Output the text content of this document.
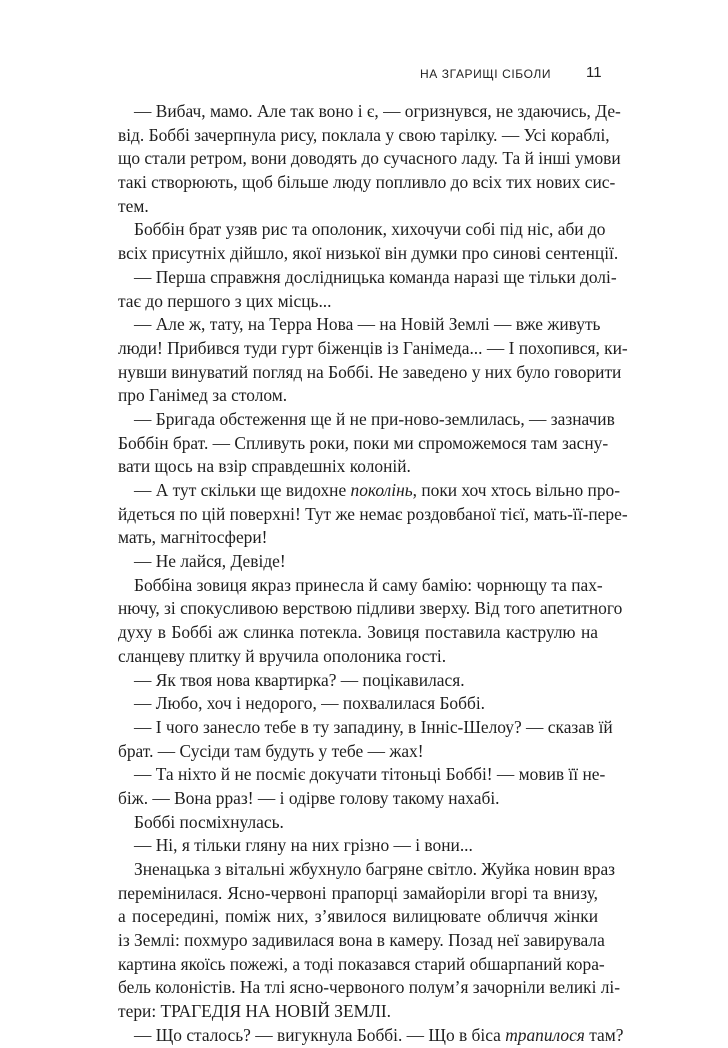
НА ЗГАРИЩІ СІБОЛИ 11
— Вибач, мамо. Але так воно і є, — огризнувся, не здаючись, Де-
від. Боббі зачерпнула рису, поклала у свою тарілку. — Усі кораблі,
що стали ретром, вони доводять до сучасного ладу. Та й інші умови
такі створюють, щоб більше люду попливло до всіх тих нових сис-
тем.
Боббін брат узяв рис та ополоник, хихочучи собі під ніс, аби до
всіх присутніх дійшло, якої низької він думки про синові сентенції.
— Перша справжня дослідницька команда наразі ще тільки долі-
тає до першого з цих місць...
— Але ж, тату, на Терра Нова — на Новій Землі — вже живуть
люди! Прибився туди гурт біженців із Ганімеда... — І похопився, ки-
нувши винуватий погляд на Боббі. Не заведено у них було говорити
про Ганімед за столом.
— Бригада обстеження ще й не при-ново-землилась, — зазначив
Боббін брат. — Спливуть роки, поки ми спроможемося там засну-
вати щось на взір справдешніх колоній.
— А тут скільки ще видохне поколінь, поки хоч хтось вільно про-
йдеться по цій поверхні! Тут же немає роздовбаної тієї, мать-її-пере-
мать, магнітосфери!
— Не лайся, Девіде!
Боббіна зовиця якраз принесла й саму бамію: чорнющу та пах-
нючу, зі спокусливою верствою підливи зверху. Від того апетитного
духу в Боббі аж слинка потекла. Зовиця поставила каструлю на
сланцеву плитку й вручила ополоника гості.
— Як твоя нова квартирка? — поцікавилася.
— Любо, хоч і недорого, — похвалилася Боббі.
— І чого занесло тебе в ту западину, в Інніс-Шелоу? — сказав їй
брат. — Сусіди там будуть у тебе — жах!
— Та ніхто й не посміє докучати тітоньці Боббі! — мовив її не-
біж. — Вона рраз! — і одірве голову такому нахабі.
Боббі посміхнулась.
— Ні, я тільки гляну на них грізно — і вони...
Зненацька з вітальні жбухнуло багряне світло. Жуйка новин враз
перемінилася. Ясно-червоні прапорці замайоріли вгорі та внизу,
а посередині, поміж них, з’явилося вилицювате обличчя жінки
із Землі: похмуро задивилася вона в камеру. Позад неї завирувала
картина якоїсь пожежі, а тоді показався старий обшарпаний кора-
бель колоністів. На тлі ясно-червоного полум’я зачорніли великі лі-
тери: ТРАГЕДІЯ НА НОВІЙ ЗЕМЛІ.
— Що сталось? — вигукнула Боббі. — Що в біса трапилося там?
